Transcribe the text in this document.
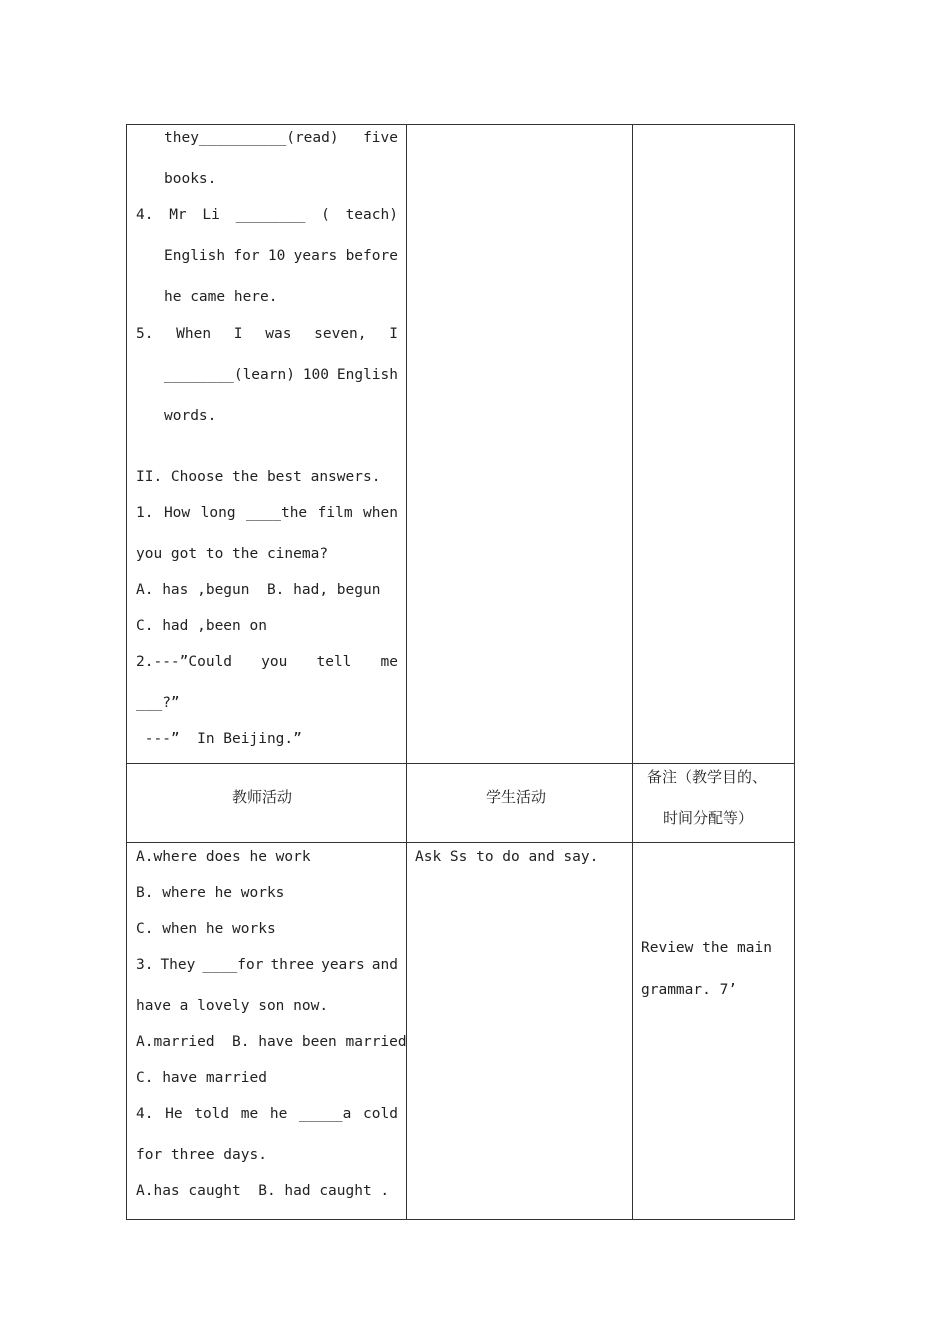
they__________(read) five
books.
4. Mr Li ________ ( teach)
English for 10 years before
he came here.
5. When I was seven, I
________(learn) 100 English
words.
II. Choose the best answers.
1. How long ____the film when
you got to the cinema?
A. has ,begun  B. had, begun
C. had ,been on
2.---”Could you tell me
___?”
---”  In Beijing.”
教师活动	学生活动
备注（教学目的、
时间分配等）
A.where does he work
B. where he works
C. when he works
3. They ____for three years and
have a lovely son now.
A.married  B. have been married
C. have married
4. He told me he _____a cold
for three days.
A.has caught  B. had caught .
Ask Ss to do and say.
Review the main
grammar. 7’
